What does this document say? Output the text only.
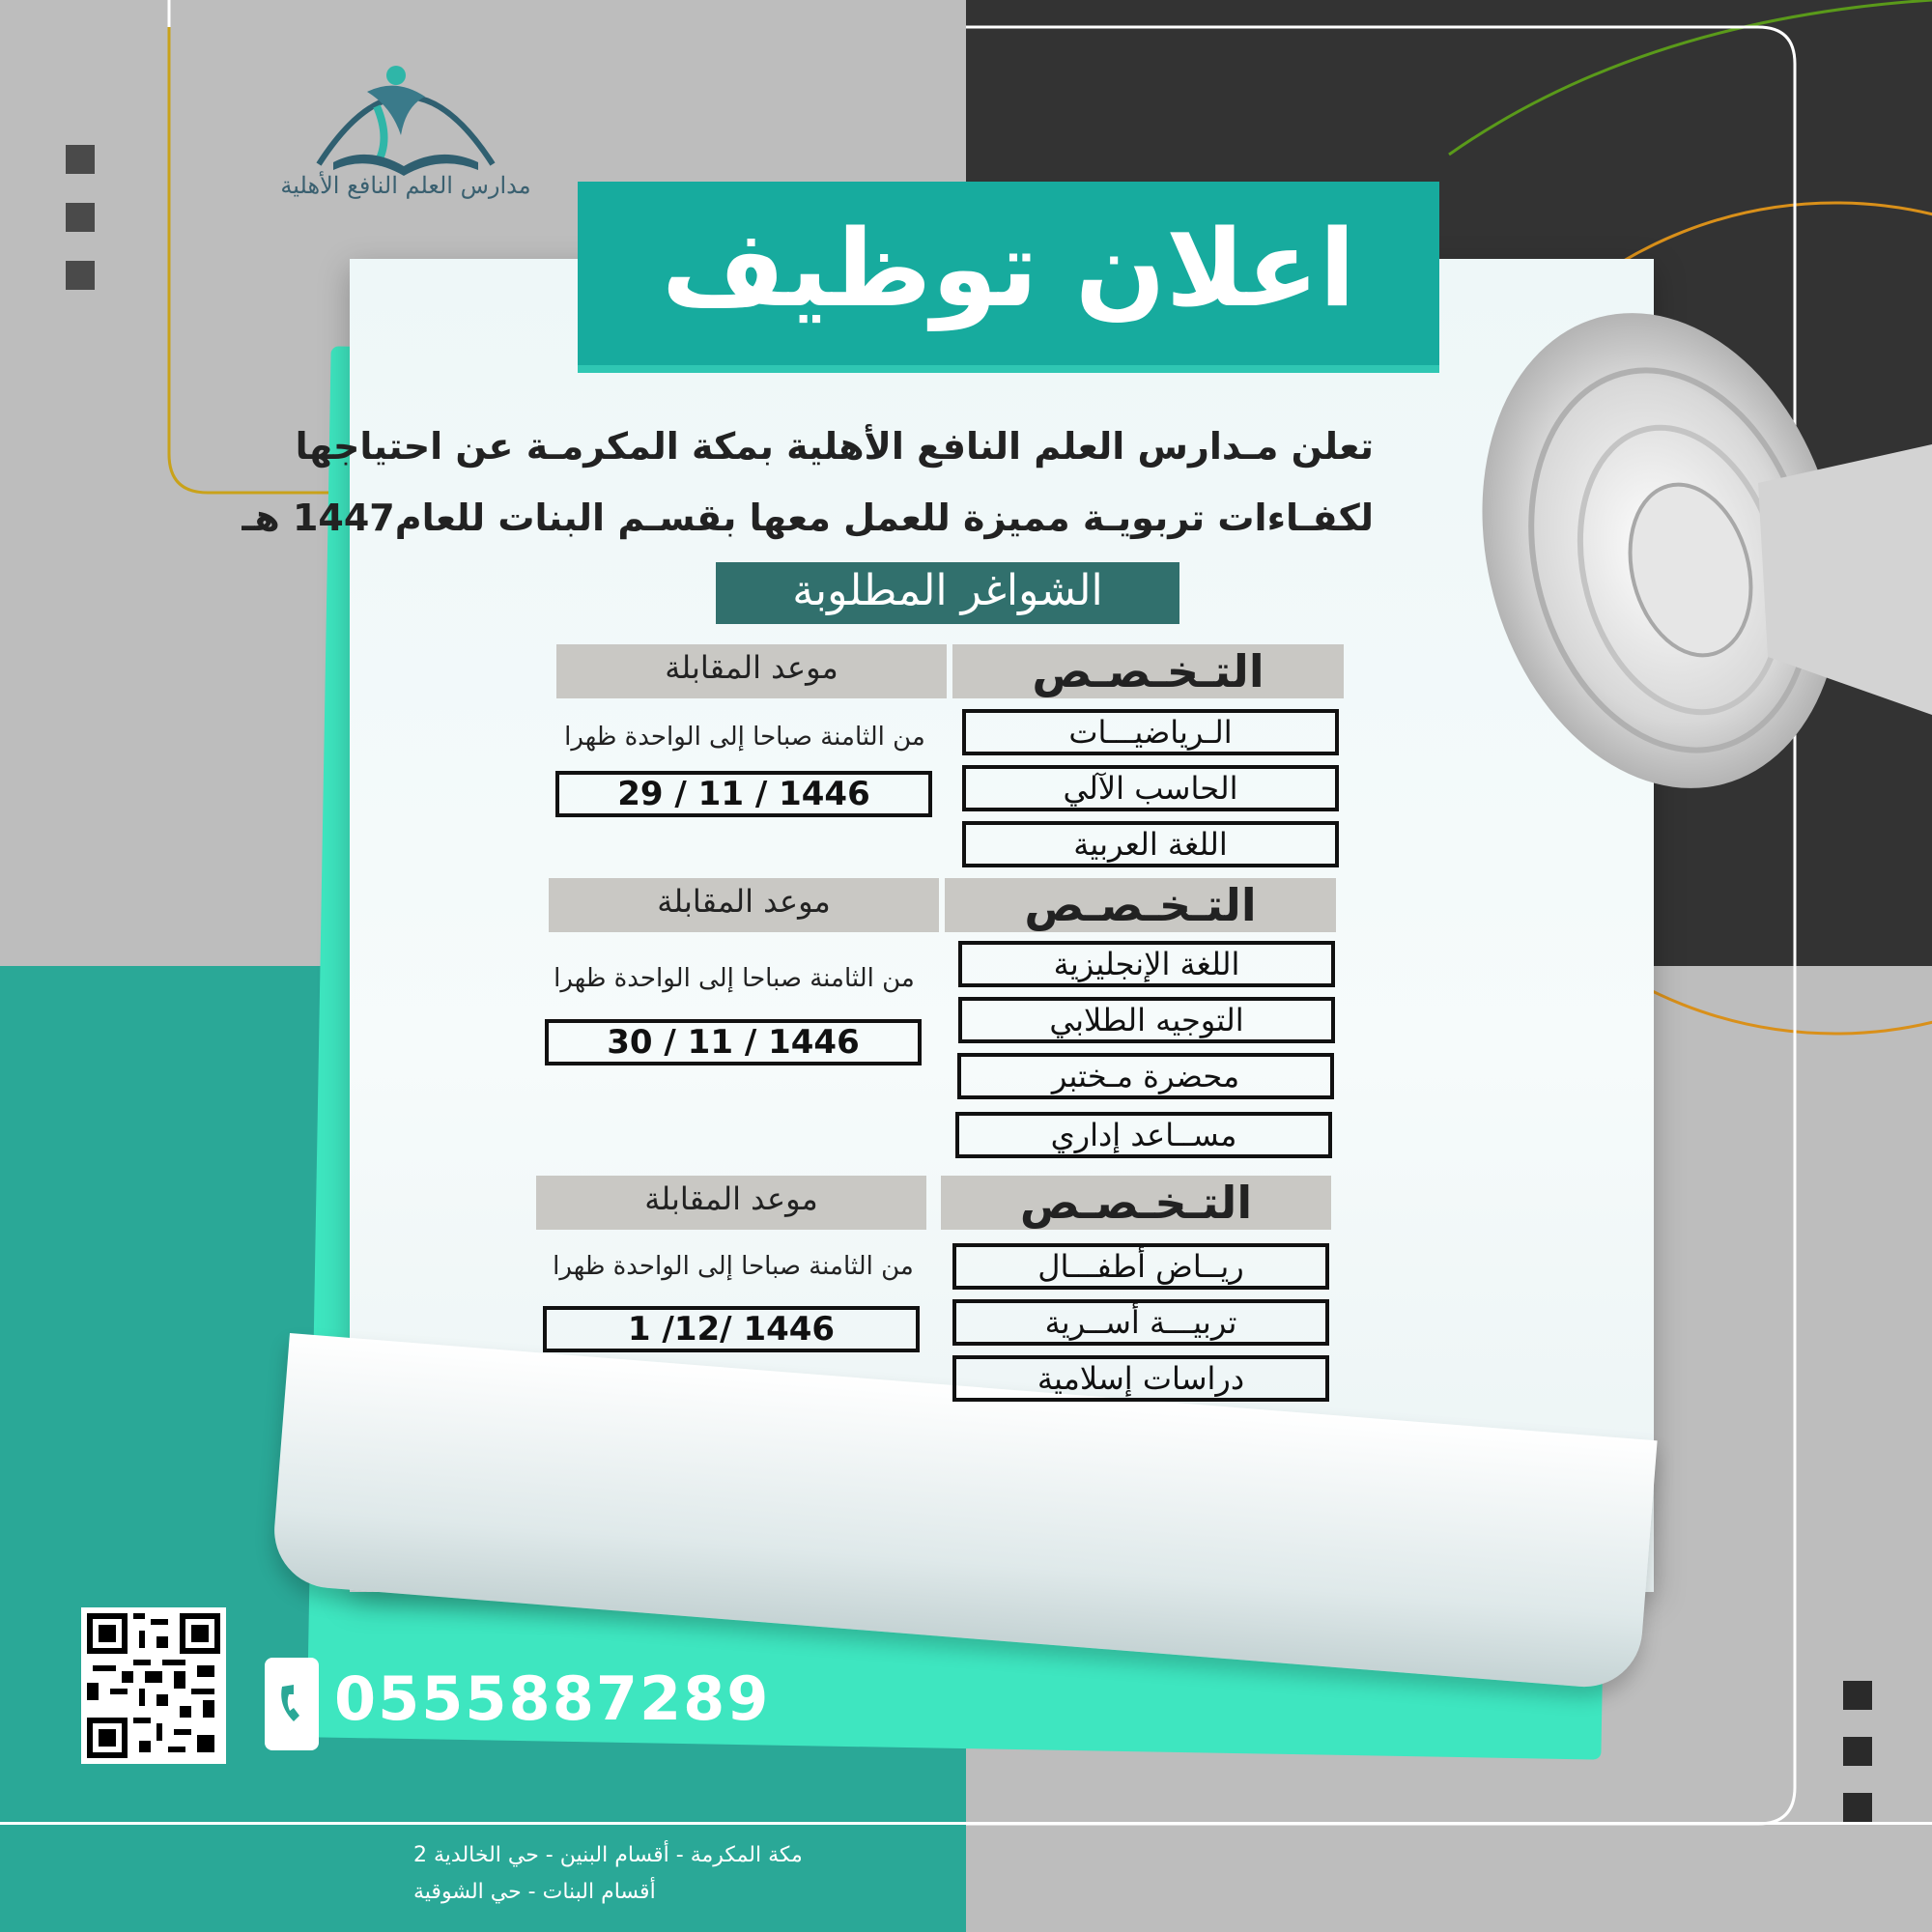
مدارس العلم النافع الأهلية
اعلان توظيف
تعلن مـدارس العلم النافع الأهلية بمكة المكرمـة عن احتياجها
لكفـاءات تربويـة مميزة للعمل معها بقسـم البنات للعام1447 هـ
الشواغر المطلوبة
التـخـصـص
موعد المقابلة
الـرياضيـــات
الحاسب الآلي
اللغة العربية
من الثامنة صباحا إلى الواحدة ظهرا
1446 / 11 / 29
التـخـصـص
موعد المقابلة
اللغة الإنجليزية
التوجيه الطلابي
محضرة مـختبر
مســاعد إداري
من الثامنة صباحا إلى الواحدة ظهرا
1446 / 11 / 30
التـخـصـص
موعد المقابلة
ريــاض أطفـــال
تربيـــة أســرية
دراسات إسلامية
من الثامنة صباحا إلى الواحدة ظهرا
1446 /12/ 1
0555887289
مكة المكرمة - أقسام البنين - حي الخالدية 2
أقسام البنات - حي الشوقية
